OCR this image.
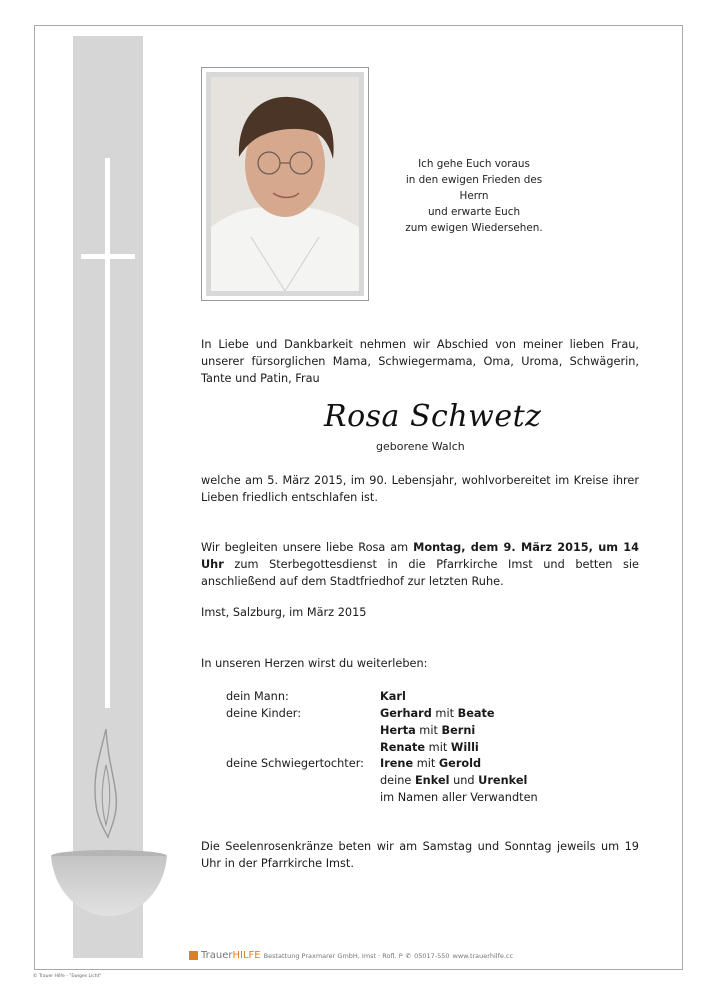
Ich gehe Euch voraus
in den ewigen Frieden des Herrn
und erwarte Euch
zum ewigen Wiedersehen.

In Liebe und Dankbarkeit nehmen wir Abschied von meiner lieben Frau, unserer fürsorglichen Mama, Schwiegermama, Oma, Uroma, Schwägerin, Tante und Patin, Frau

Rosa Schwetz
geborene Walch

welche am 5. März 2015, im 90. Lebensjahr, wohlvorbereitet im Kreise ihrer Lieben friedlich entschlafen ist.

Wir begleiten unsere liebe Rosa am Montag, dem 9. März 2015, um 14 Uhr zum Sterbegottesdienst in die Pfarrkirche Imst und betten sie anschließend auf dem Stadtfriedhof zur letzten Ruhe.

Imst, Salzburg, im März 2015

In unseren Herzen wirst du weiterleben:

dein Mann:	Karl
deine Kinder:	Gerhard mit Beate
Herta mit Berni
Renate mit Willi
deine Schwiegertochter: Irene mit Gerold
deine Enkel und Urenkel
im Namen aller Verwandten

Die Seelenrosenkränze beten wir am Samstag und Sonntag jeweils um 19 Uhr in der Pfarrkirche Imst.

TrauerHILFE Bestattung Praxmarer GmbH, Imst · Rofl. P ✆ 05017-550 www.trauerhilfe.cc
© Trauer Hilfe - "Ewiges Licht"
